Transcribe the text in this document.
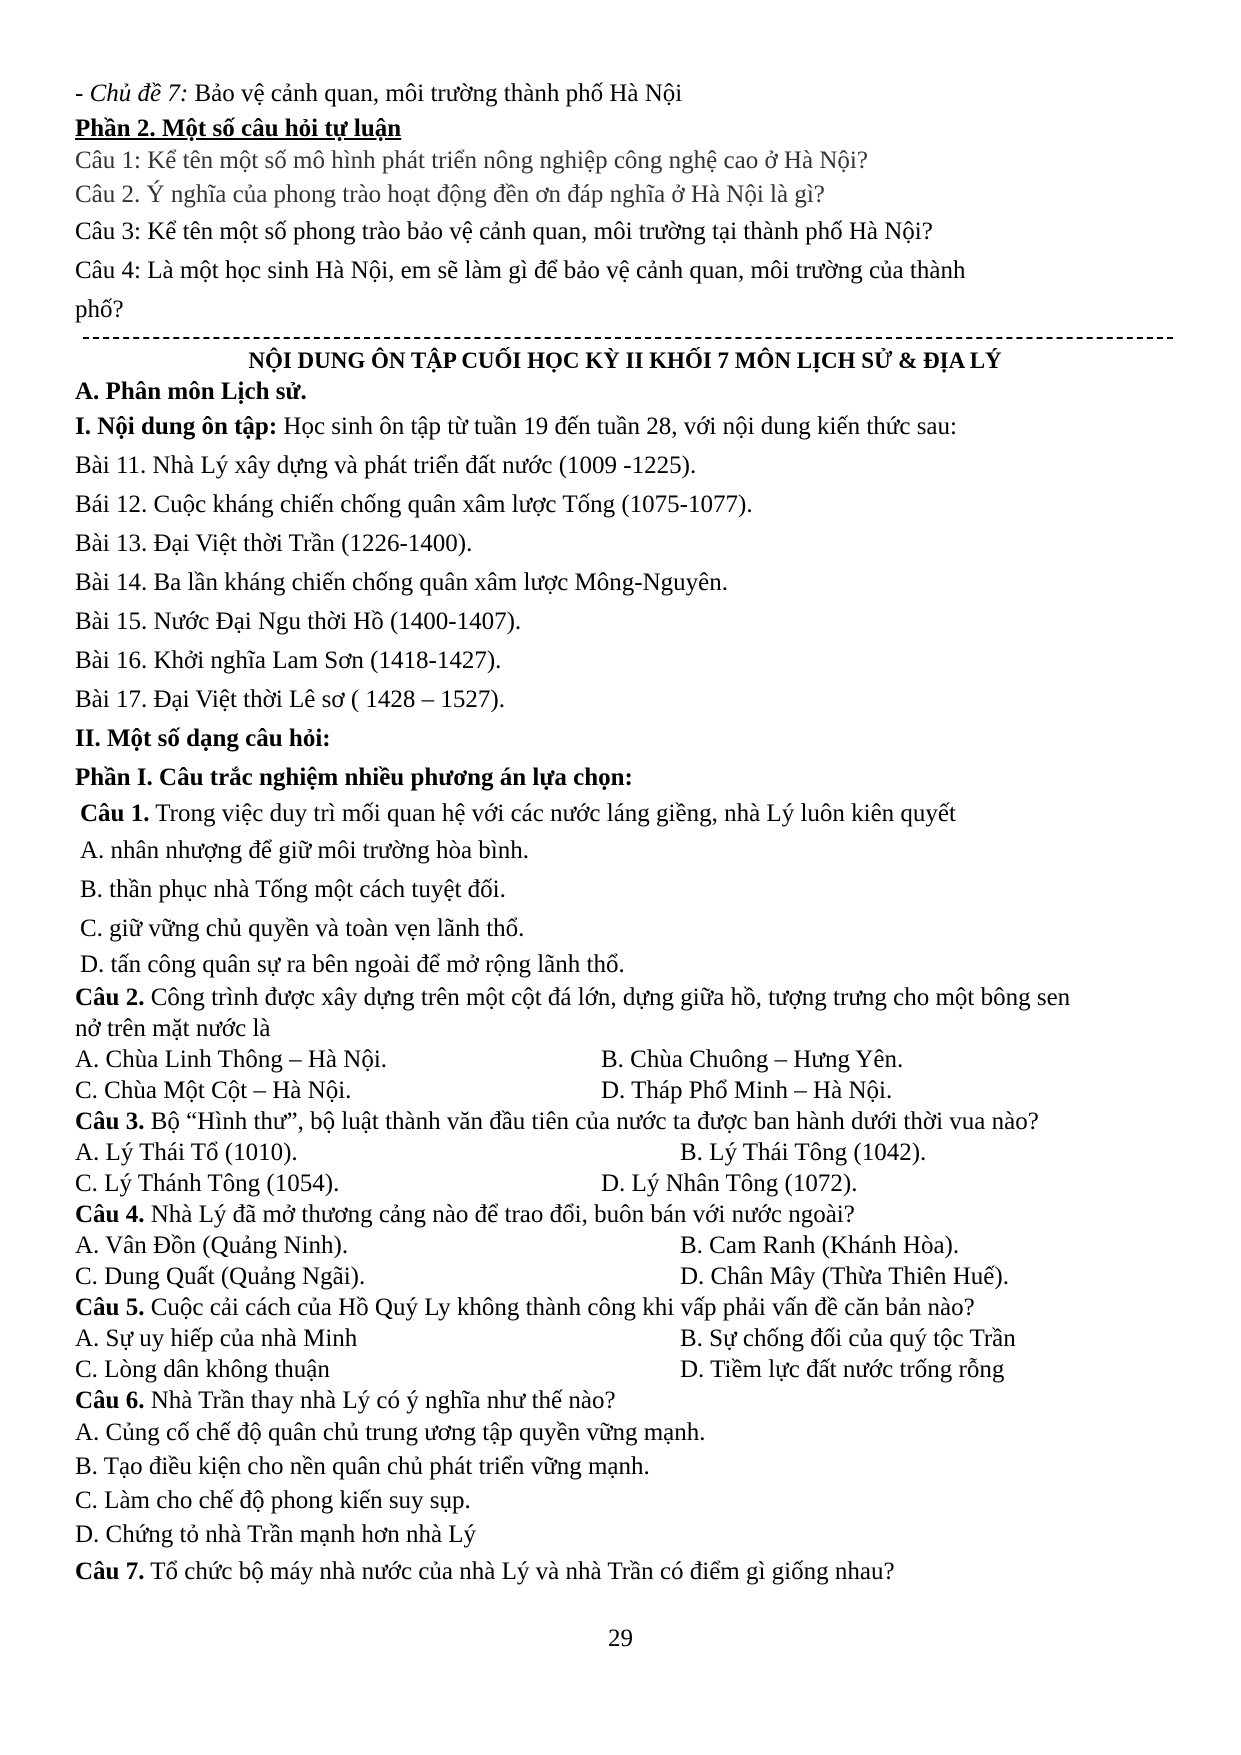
- Chủ đề 7: Bảo vệ cảnh quan, môi trường thành phố Hà Nội
Phần 2. Một số câu hỏi tự luận
Câu 1: Kể tên một số mô hình phát triển nông nghiệp công nghệ cao ở Hà Nội?
Câu 2. Ý nghĩa của phong trào hoạt động đền ơn đáp nghĩa ở Hà Nội là gì?
Câu 3: Kể tên một số phong trào bảo vệ cảnh quan, môi trường tại thành phố Hà Nội?
Câu 4: Là một học sinh Hà Nội, em sẽ làm gì để bảo vệ cảnh quan, môi trường của thành
phố?
NỘI DUNG ÔN TẬP CUỐI HỌC KỲ II KHỐI 7 MÔN LỊCH SỬ & ĐỊA LÝ
A. Phân môn Lịch sử.
I. Nội dung ôn tập: Học sinh ôn tập từ tuần 19 đến tuần 28, với nội dung kiến thức sau:
Bài 11. Nhà Lý xây dựng và phát triển đất nước (1009 -1225).
Bái 12. Cuộc kháng chiến chống quân xâm lược Tống (1075-1077).
Bài 13. Đại Việt thời Trần (1226-1400).
Bài 14. Ba lần kháng chiến chống quân xâm lược Mông-Nguyên.
Bài 15. Nước Đại Ngu thời Hồ (1400-1407).
Bài 16. Khởi nghĩa Lam Sơn (1418-1427).
Bài 17. Đại Việt thời Lê sơ ( 1428 – 1527).
II. Một số dạng câu hỏi:
Phần I. Câu trắc nghiệm nhiều phương án lựa chọn:
Câu 1. Trong việc duy trì mối quan hệ với các nước láng giềng, nhà Lý luôn kiên quyết
A. nhân nhượng để giữ môi trường hòa bình.
B. thần phục nhà Tống một cách tuyệt đối.
C. giữ vững chủ quyền và toàn vẹn lãnh thổ.
D. tấn công quân sự ra bên ngoài để mở rộng lãnh thổ.
Câu 2. Công trình được xây dựng trên một cột đá lớn, dựng giữa hồ, tượng trưng cho một bông sen
nở trên mặt nước là
A. Chùa Linh Thông – Hà Nội.	B. Chùa Chuông – Hưng Yên.
C. Chùa Một Cột – Hà Nội.	D. Tháp Phổ Minh – Hà Nội.
Câu 3. Bộ “Hình thư”, bộ luật thành văn đầu tiên của nước ta được ban hành dưới thời vua nào?
A. Lý Thái Tổ (1010).	B. Lý Thái Tông (1042).
C. Lý Thánh Tông (1054).	D. Lý Nhân Tông (1072).
Câu 4. Nhà Lý đã mở thương cảng nào để trao đổi, buôn bán với nước ngoài?
A. Vân Đồn (Quảng Ninh).	B. Cam Ranh (Khánh Hòa).
C. Dung Quất (Quảng Ngãi).	D. Chân Mây (Thừa Thiên Huế).
Câu 5. Cuộc cải cách của Hồ Quý Ly không thành công khi vấp phải vấn đề căn bản nào?
A. Sự uy hiếp của nhà Minh	B. Sự chống đối của quý tộc Trần
C. Lòng dân không thuận	D. Tiềm lực đất nước trống rỗng
Câu 6. Nhà Trần thay nhà Lý có ý nghĩa như thế nào?
A. Củng cố chế độ quân chủ trung ương tập quyền vững mạnh.
B. Tạo điều kiện cho nền quân chủ phát triển vững mạnh.
C. Làm cho chế độ phong kiến suy sụp.
D. Chứng tỏ nhà Trần mạnh hơn nhà Lý
Câu 7. Tổ chức bộ máy nhà nước của nhà Lý và nhà Trần có điểm gì giống nhau?
29
